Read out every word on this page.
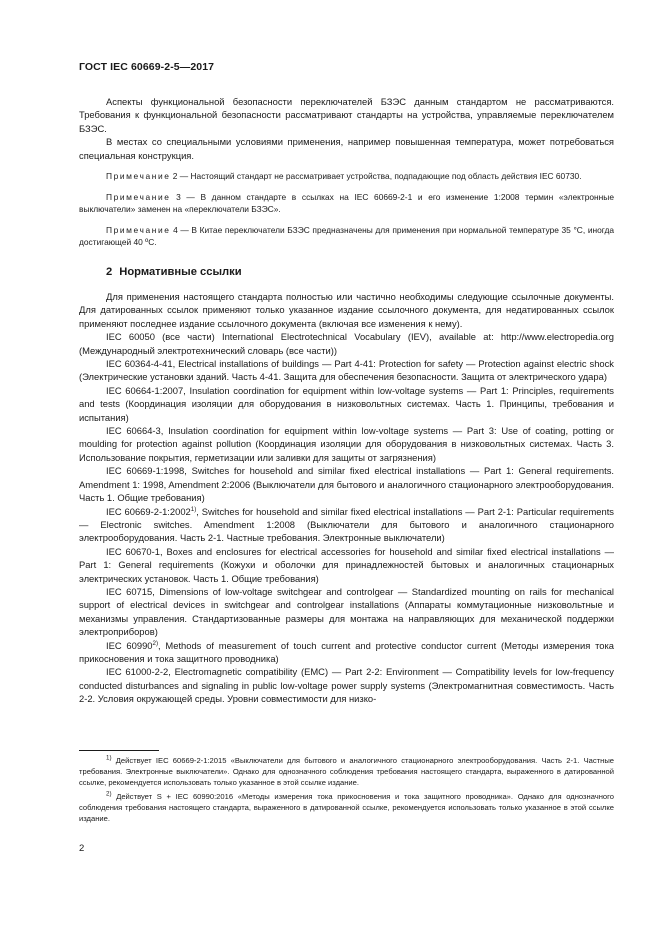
ГОСТ IEC 60669-2-5—2017

Аспекты функциональной безопасности переключателей БЗЭС данным стандартом не рассматриваются. Требования к функциональной безопасности рассматривают стандарты на устройства, управляемые переключателем БЗЭС.

В местах со специальными условиями применения, например повышенная температура, может потребоваться специальная конструкция.

Примечание 2 — Настоящий стандарт не рассматривает устройства, подпадающие под область действия IEC 60730.

Примечание 3 — В данном стандарте в ссылках на IEC 60669-2-1 и его изменение 1:2008 термин «электронные выключатели» заменен на «переключатели БЗЭС».

Примечание 4 — В Китае переключатели БЗЭС предназначены для применения при нормальной температуре 35 °С, иногда достигающей 40 ºС.

2 Нормативные ссылки

Для применения настоящего стандарта полностью или частично необходимы следующие ссылочные документы. Для датированных ссылок применяют только указанное издание ссылочного документа, для недатированных ссылок применяют последнее издание ссылочного документа (включая все изменения к нему).

IEC 60050 (все части) International Electrotechnical Vocabulary (IEV), available at: http://www.electropedia.org (Международный электротехнический словарь (все части))

IEC 60364-4-41, Electrical installations of buildings — Part 4-41: Protection for safety — Protection against electric shock (Электрические установки зданий. Часть 4-41. Защита для обеспечения безопасности. Защита от электрического удара)

IEC 60664-1:2007, Insulation coordination for equipment within low-voltage systems — Part 1: Principles, requirements and tests (Координация изоляции для оборудования в низковольтных системах. Часть 1. Принципы, требования и испытания)

IEC 60664-3, Insulation coordination for equipment within low-voltage systems — Part 3: Use of coating, potting or moulding for protection against pollution (Координация изоляции для оборудования в низковольтных системах. Часть 3. Использование покрытия, герметизации или заливки для защиты от загрязнения)

IEC 60669-1:1998, Switches for household and similar fixed electrical installations — Part 1: General requirements. Amendment 1: 1998, Amendment 2:2006 (Выключатели для бытового и аналогичного стационарного электрооборудования. Часть 1. Общие требования)

IEC 60669-2-1:2002$^{1)}$, Switches for household and similar fixed electrical installations — Part 2-1: Particular requirements — Electronic switches. Amendment 1:2008 (Выключатели для бытового и аналогичного стационарного электрооборудования. Часть 2-1. Частные требования. Электронные выключатели)

IEC 60670-1, Boxes and enclosures for electrical accessories for household and similar fixed electrical installations — Part 1: General requirements (Кожухи и оболочки для принадлежностей бытовых и аналогичных стационарных электрических установок. Часть 1. Общие требования)

IEC 60715, Dimensions of low-voltage switchgear and controlgear — Standardized mounting on rails for mechanical support of electrical devices in switchgear and controlgear installations (Аппараты коммутационные низковольтные и механизмы управления. Стандартизованные размеры для монтажа на направляющих для механической поддержки электроприборов)

IEC 60990$^{2)}$, Methods of measurement of touch current and protective conductor current (Методы измерения тока прикосновения и тока защитного проводника)

IEC 61000-2-2, Electromagnetic compatibility (EMC) — Part 2-2: Environment — Compatibility levels for low-frequency conducted disturbances and signaling in public low-voltage power supply systems (Электромагнитная совместимость. Часть 2-2. Условия окружающей среды. Уровни совместимости для низко-

$^{1)}$ Действует IEC 60669-2-1:2015 «Выключатели для бытового и аналогичного стационарного электрооборудования. Часть 2-1. Частные требования. Электронные выключатели». Однако для однозначного соблюдения требования настоящего стандарта, выраженного в датированной ссылке, рекомендуется использовать только указанное в этой ссылке издание.

$^{2)}$ Действует S + IEC 60990:2016 «Методы измерения тока прикосновения и тока защитного проводника». Однако для однозначного соблюдения требования настоящего стандарта, выраженного в датированной ссылке, рекомендуется использовать только указанное в этой ссылке издание.

2
